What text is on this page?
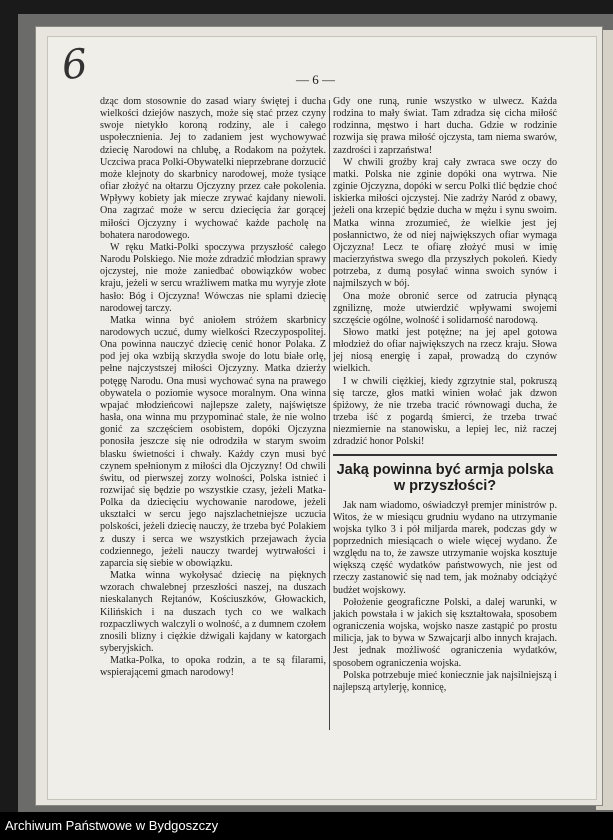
6	— 6 —

dząc dom stosownie do zasad wiary świętej i ducha wielkości dziejów naszych, może się stać przez czyny swoje nietykło koroną rodziny, ale i całego uspołecznienia. Jej to zadaniem jest wychowywać dziecię Narodowi na chlubę, a Rodakom na pożytek. Uczciwa praca Polki-Obywatelki nieprzebrane dorzucić może klejnoty do skarbnicy narodowej, może tysiące ofiar złożyć na ołtarzu Ojczyzny przez całe pokolenia. Wpływy kobiety jak miecze zrywać kajdany niewoli. Ona zagrzać może w sercu dziecięcia żar gorącej miłości Ojczyzny i wychować każde pacholę na bohatera narodowego.

W ręku Matki-Polki spoczywa przyszłość całego Narodu Polskiego. Nie może zdradzić młodzian sprawy ojczystej, nie może zaniedbać obowiązków wobec kraju, jeżeli w sercu wrażliwem matka mu wyryje złote hasło: Bóg i Ojczyzna! Wówczas nie splami dziecię narodowej tarczy.

Matka winna być aniołem stróżem skarbnicy narodowych uczuć, dumy wielkości Rzeczypospolitej. Ona powinna nauczyć dziecię cenić honor Polaka. Z pod jej oka wzbiją skrzydła swoje do lotu białe orlę, pełne najczystszej miłości Ojczyzny. Matka dzierży potęgę Narodu. Ona musi wychować syna na prawego obywatela o poziomie wysoce moralnym. Ona winna wpajać młodzieńcowi najlepsze zalety, najświętsze hasła, ona winna mu przypominać stale, że nie wolno gonić za szczęściem osobistem, dopóki Ojczyzna ponosiła jeszcze się nie odrodziła w starym swoim blasku świetności i chwały. Każdy czyn musi być czynem spełnionym z miłości dla Ojczyzny! Od chwili świtu, od pierwszej zorzy wolności, Polska istnieć i rozwijać się będzie po wszystkie czasy, jeżeli Matka-Polka da dziecięciu wychowanie narodowe, jeżeli ukształci w sercu jego najszlachetniejsze uczucia polskości, jeżeli dziecię nauczy, że trzeba być Polakiem z duszy i serca we wszystkich przejawach życia codziennego, jeżeli nauczy twardej wytrwałości i zaparcia się siebie w obowiązku.

Matka winna wykołysać dziecię na pięknych wzorach chwalebnej przeszłości naszej, na duszach nieskalanych Rejtanów, Kościuszków, Głowackich, Kilińskich i na duszach tych co we walkach rozpaczliwych walczyli o wolność, a z dumnem czołem znosili blizny i ciężkie dźwigali kajdany w katorgach syberyjskich.

Matka-Polka, to opoka rodzin, a te są filarami, wspierającemi gmach narodowy!

Gdy one runą, runie wszystko w ulwecz. Każda rodzina to mały świat. Tam zdradza się cicha miłość rodzinna, męstwo i hart ducha. Gdzie w rodzinie rozwija się prawa miłość ojczysta, tam niema swarów, zazdrości i zaprzaństwa!

W chwili groźby kraj cały zwraca swe oczy do matki. Polska nie zginie dopóki ona wytrwa. Nie zginie Ojczyzna, dopóki w sercu Polki tlić będzie choć iskierka miłości ojczystej. Nie zadrży Naród z obawy, jeżeli ona krzepić będzie ducha w mężu i synu swoim. Matka winna zrozumieć, że wielkie jest jej posłannictwo, że od niej największych ofiar wymaga Ojczyzna! Lecz te ofiarę złożyć musi w imię macierzyństwa swego dla przyszłych pokoleń. Kiedy potrzeba, z dumą posyłać winna swoich synów i najmilszych w bój.

Ona może obronić serce od zatrucia płynącą zgniliznę, może utwierdzić wpływami swojemi szczęście ogólne, wolność i solidarność narodową.

Słowo matki jest potężne; na jej apel gotowa młodzież do ofiar największych na rzecz kraju. Słowa jej niosą energię i zapał, prowadzą do czynów wielkich.

I w chwili ciężkiej, kiedy zgrzytnie stal, pokruszą się tarcze, głos matki winien wołać jak dzwon śpiżowy, że nie trzeba tracić równowagi ducha, że trzeba iść z pogardą śmierci, że trzeba trwać niezmiernie na stanowisku, a lepiej lec, niż raczej zdradzić honor Polski!

Jaką powinna być armja polska w przyszłości?

Jak nam wiadomo, oświadczył premjer ministrów p. Witos, że w miesiącu grudniu wydano na utrzymanie wojska tylko 3 i pół miljarda marek, podczas gdy w poprzednich miesiącach o wiele więcej wydano. Że względu na to, że zawsze utrzymanie wojska kosztuje większą część wydatków państwowych, nie jest od rzeczy zastanowić się nad tem, jak możnaby odciążyć budżet wojskowy.

Położenie geograficzne Polski, a dalej warunki, w jakich powstała i w jakich się kształtowała, sposobem ograniczenia wojska, wojsko nasze zastąpić po prostu milicja, jak to bywa w Szwajcarji albo innych krajach. Jest jednak możliwość ograniczenia wydatków, sposobem ograniczenia wojska.

Polska potrzebuje mieć koniecznie jak najsilniejszą i najlepszą artylerję, konnicę,

Archiwum Państwowe w Bydgoszczy
